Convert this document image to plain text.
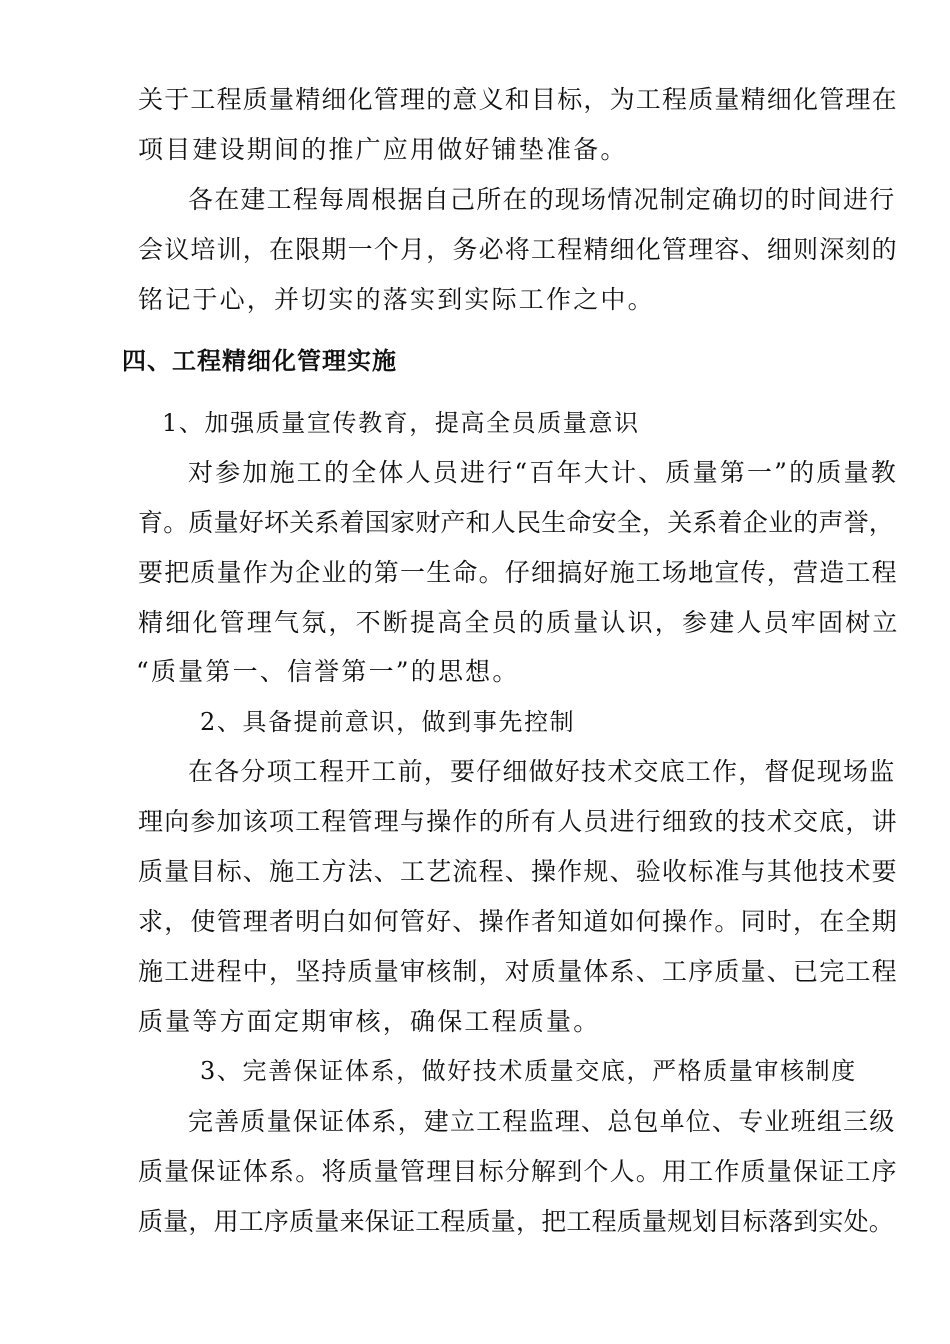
关于工程质量精细化管理的意义和目标，为工程质量精细化管理在
项目建设期间的推广应用做好铺垫准备。
各在建工程每周根据自己所在的现场情况制定确切的时间进行
会议培训，在限期一个月，务必将工程精细化管理容、细则深刻的
铭记于心，并切实的落实到实际工作之中。
四、工程精细化管理实施
1、加强质量宣传教育，提高全员质量意识
对参加施工的全体人员进行“百年大计、质量第一”的质量教
育。质量好坏关系着国家财产和人民生命安全，关系着企业的声誉，
要把质量作为企业的第一生命。仔细搞好施工场地宣传，营造工程
精细化管理气氛，不断提高全员的质量认识，参建人员牢固树立
“质量第一、信誉第一”的思想。
2、具备提前意识，做到事先控制
在各分项工程开工前，要仔细做好技术交底工作，督促现场监
理向参加该项工程管理与操作的所有人员进行细致的技术交底，讲
质量目标、施工方法、工艺流程、操作规、验收标准与其他技术要
求，使管理者明白如何管好、操作者知道如何操作。同时，在全期
施工进程中，坚持质量审核制，对质量体系、工序质量、已完工程
质量等方面定期审核，确保工程质量。
3、完善保证体系，做好技术质量交底，严格质量审核制度
完善质量保证体系，建立工程监理、总包单位、专业班组三级
质量保证体系。将质量管理目标分解到个人。用工作质量保证工序
质量，用工序质量来保证工程质量，把工程质量规划目标落到实处。
